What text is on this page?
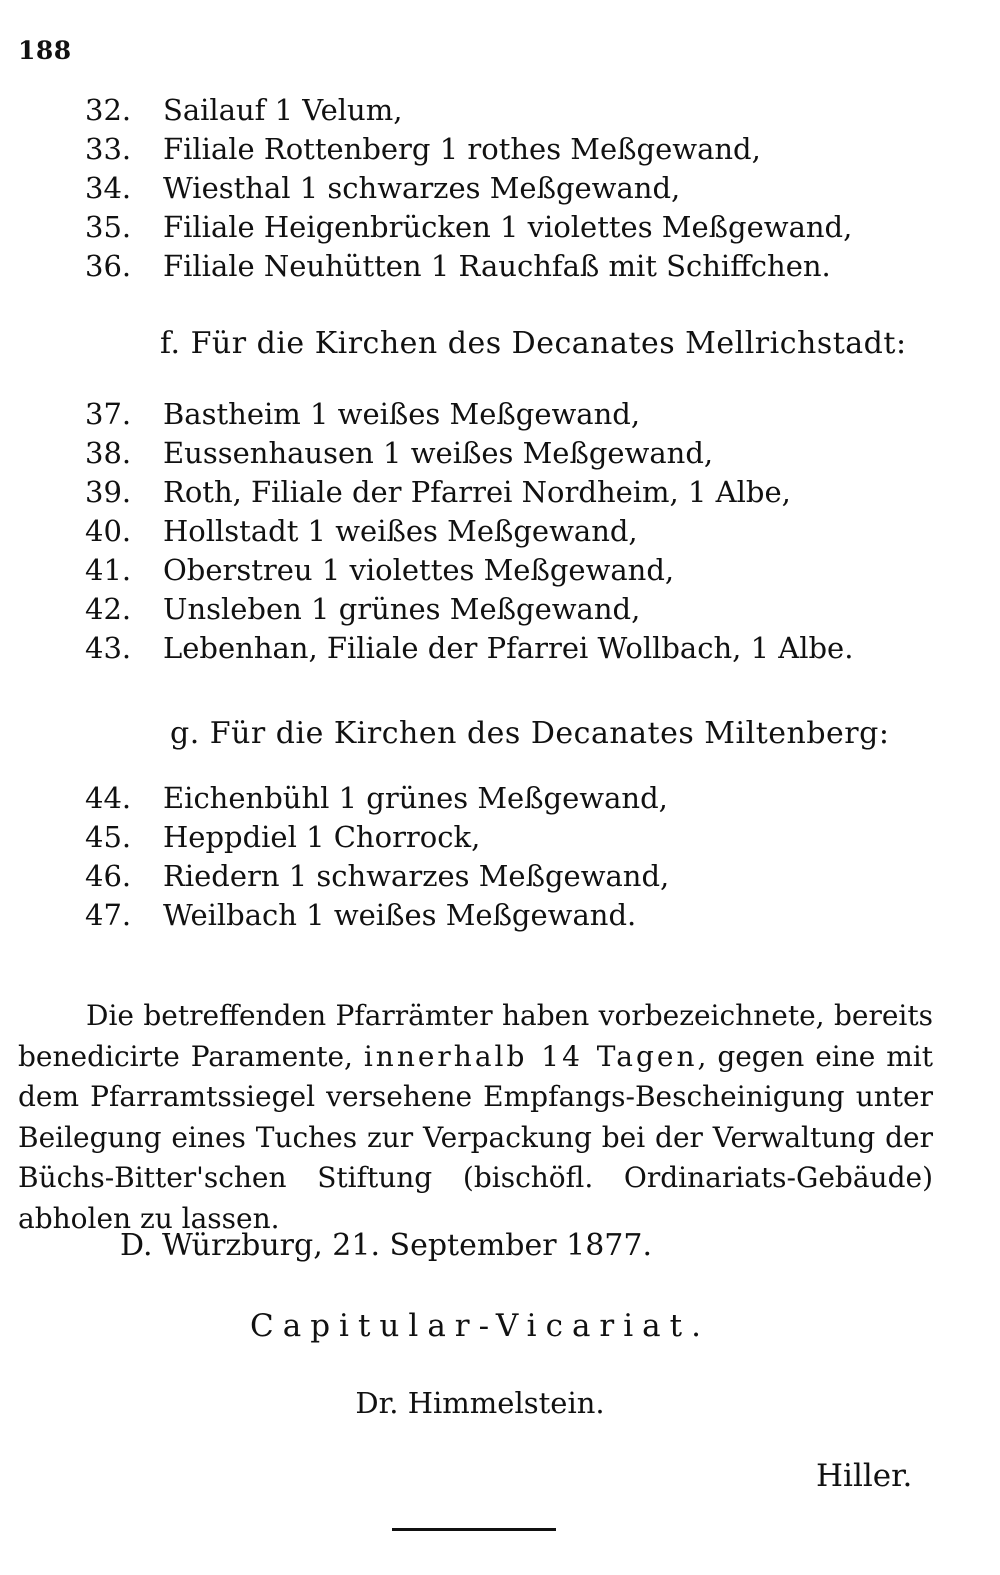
188
32.	Sailauf 1 Velum,
33.	Filiale Rottenberg 1 rothes Meßgewand,
34.	Wiesthal 1 schwarzes Meßgewand,
35.	Filiale Heigenbrücken 1 violettes Meßgewand,
36.	Filiale Neuhütten 1 Rauchfaß mit Schiffchen.
f. Für die Kirchen des Decanates Mellrichstadt:
37.	Bastheim 1 weißes Meßgewand,
38.	Eussenhausen 1 weißes Meßgewand,
39.	Roth, Filiale der Pfarrei Nordheim, 1 Albe,
40.	Hollstadt 1 weißes Meßgewand,
41.	Oberstreu 1 violettes Meßgewand,
42.	Unsleben 1 grünes Meßgewand,
43.	Lebenhan, Filiale der Pfarrei Wollbach, 1 Albe.
g. Für die Kirchen des Decanates Miltenberg:
44.	Eichenbühl 1 grünes Meßgewand,
45.	Heppdiel 1 Chorrock,
46.	Riedern 1 schwarzes Meßgewand,
47.	Weilbach 1 weißes Meßgewand.

Die betreffenden Pfarrämter haben vorbezeichnete, bereits benedicirte Paramente, innerhalb 14 Tagen, gegen eine mit dem Pfarramtssiegel versehene Empfangs-Bescheinigung unter Beilegung eines Tuches zur Verpackung bei der Verwaltung der Büchs-Bitter'schen Stiftung (bischöfl. Ordinariats-Gebäude) abholen zu lassen.

D. Würzburg, 21. September 1877.
Capitular-Vicariat.
Dr. Himmelstein.
Hiller.
